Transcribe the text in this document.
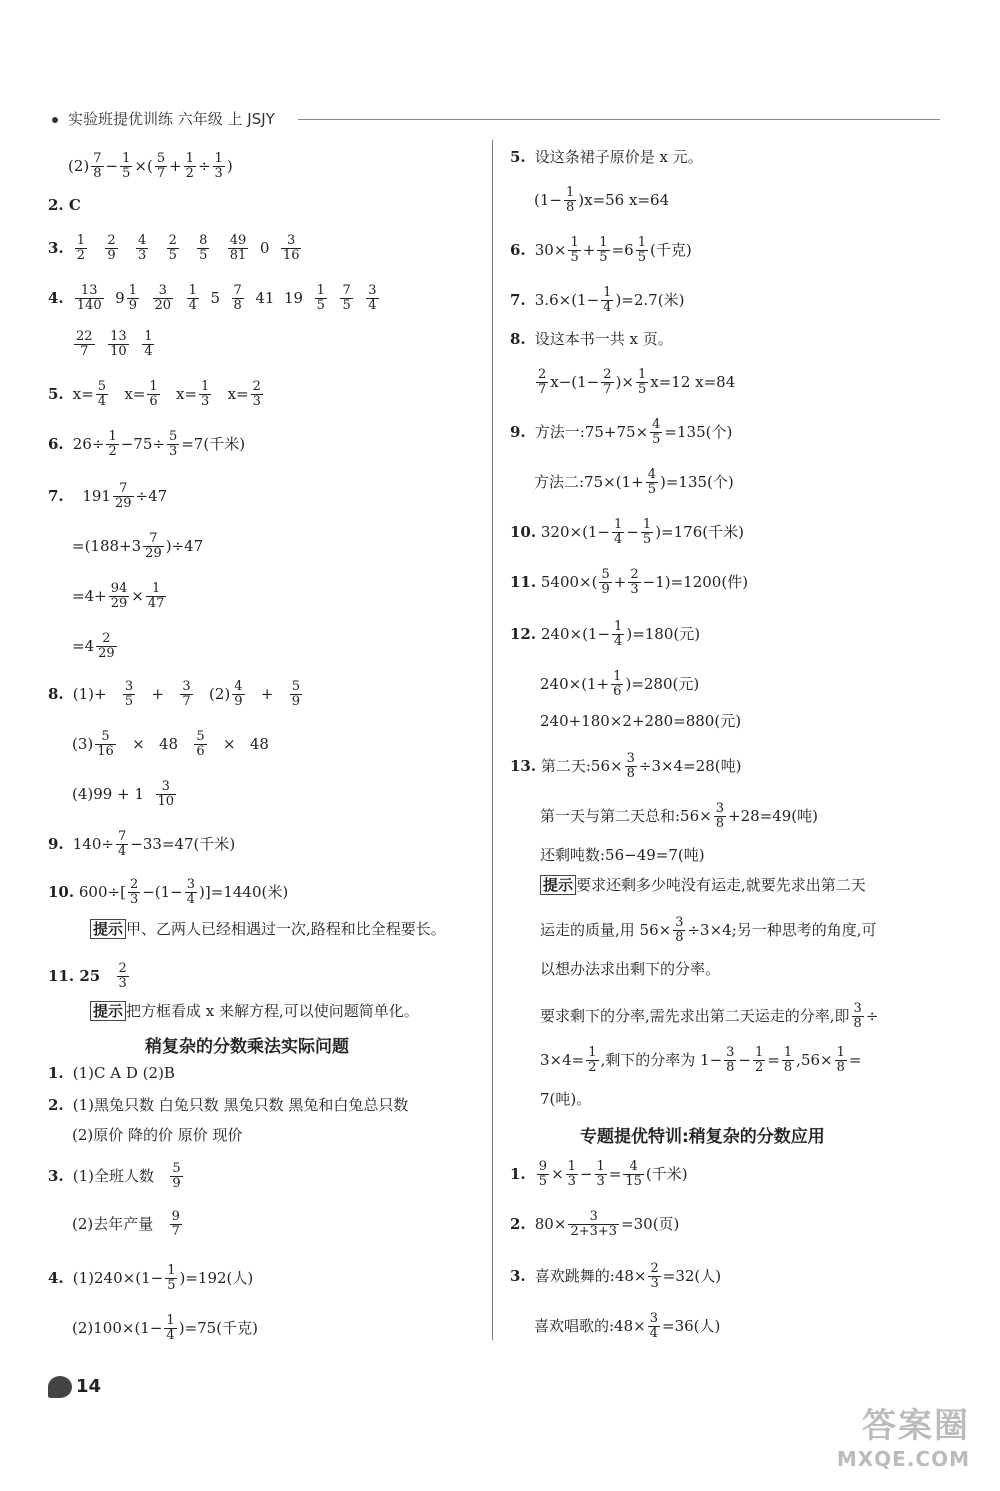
实验班提优训练 六年级 上 JSJY
$(2) \frac{7}{8} - \frac{1}{5}$ ×( $\frac{5}{7} + \frac{1}{2} \div \frac{1}{3}$ )
2. C
3. $\frac{1}{2}$
$\frac{2}{9}$
$\frac{4}{3}$
$\frac{2}{5}$
$\frac{8}{5}$
$\frac{49}{81} 0 \frac{3}{16}$
4. $\frac{13}{140} 9 \frac{1}{9}$
$\frac{3}{20}$
$\frac{1}{4} 5 \frac{7}{8} 41$  $19 \frac{1}{5}$
$\frac{7}{5}$
$\frac{3}{4}$
$\frac{22}{7}$
$\frac{13}{10}$
$\frac{1}{4}$
5. $x= \frac{5}{4} x= \frac{1}{6} x= \frac{1}{3} x= \frac{2}{3}$
6. $26\div \frac{1}{2} -75\div \frac{5}{3} =7$(千米)
7. $191 \frac{7}{29} \div 47$
$=(188+3 \frac{7}{29} )\div 47$
$=4+ \frac{94}{29} \times \frac{1}{47}$
$=4 \frac{2}{29}$
8. $(1)+ \frac{3}{5} + \frac{3}{7} (2) \frac{4}{9} + \frac{5}{9}$
$(3) \frac{5}{16} \times 48 \frac{5}{6} \times 48$
$(4)99 + 1 \frac{3}{10}$
9. $140\div \frac{7}{4} -33=47$(千米)
10. $600\div[ \frac{2}{3} -(1- \frac{3}{4} )]=1440$(米)
提示 甲、乙两人已经相遇过一次,路程和比全程要长。
11. $25 \frac{2}{3}$
提示 把方框看成 x 来解方程,可以使问题简单化。
稍复杂的分数乘法实际问题
1. (1)C A D (2)B
2. (1)黑兔只数 白兔只数 黑兔只数 黑兔和白兔总只数
(2)原价 降的价 原价 现价
3. (1)全班人数 $\frac{5}{9}$
(2)去年产量 $\frac{9}{7}$
4. $(1)240\times(1- \frac{1}{5} )=192$(人)
$(2)100\times(1- \frac{1}{4} )=75$(千克)
14
5. 设这条裙子原价是 x 元。
$(1- \frac{1}{8} )x=56$ x=64
6. $30\times \frac{1}{5} + \frac{1}{5} =6 \frac{1}{5}$ (千克)
7. $3.6\times(1- \frac{1}{4} )=2.7$(米)
8. 设这本书一共 x 页。
$\frac{2}{7} x-(1- \frac{2}{7}$ )× $\frac{1}{5} x=12$ x=84
9. 方法一:75+75× $\frac{4}{5} =135$(个)
方法二:75×(1+ $\frac{4}{5} )=135$(个)
10. $320\times(1- \frac{1}{4} - \frac{1}{5} )=176$(千米)
11. $5400\times( \frac{5}{9} + \frac{2}{3} -1)=1200$(件)
12. $240\times(1- \frac{1}{4} )=180$(元)
$240\times(1+ \frac{1}{6} )=280$(元)
240+180×2+280=880(元)
13. 第二天:56× $\frac{3}{8} \div 3\times 4=28$(吨)
第一天与第二天总和:56× $\frac{3}{8} +28=49$(吨)
还剩吨数:56−49=7(吨)
提示 要求还剩多少吨没有运走,就要先求出第二天
运走的质量,用 $56\times \frac{3}{8} \div 3\times 4$;另一种思考的角度,可
以想办法求出剩下的分率。
要求剩下的分率,需先求出第二天运走的分率,即 $\frac{3}{8}$ ÷
$3\times 4= \frac{1}{2}$ ,剩下的分率为 $1- \frac{3}{8} - \frac{1}{2} = \frac{1}{8} ,56\times \frac{1}{8}$ =
7(吨)。
专题提优特训:稍复杂的分数应用
1. $\frac{9}{5} \times \frac{1}{3} - \frac{1}{3} = \frac{4}{15}$ (千米)
2. $80\times \frac{3}{2+3+3} =30$(页)
3. 喜欢跳舞的:48× $\frac{2}{3} =32$(人)
喜欢唱歌的:48× $\frac{3}{4} =36$(人)
答案圈
MXQE.COM
